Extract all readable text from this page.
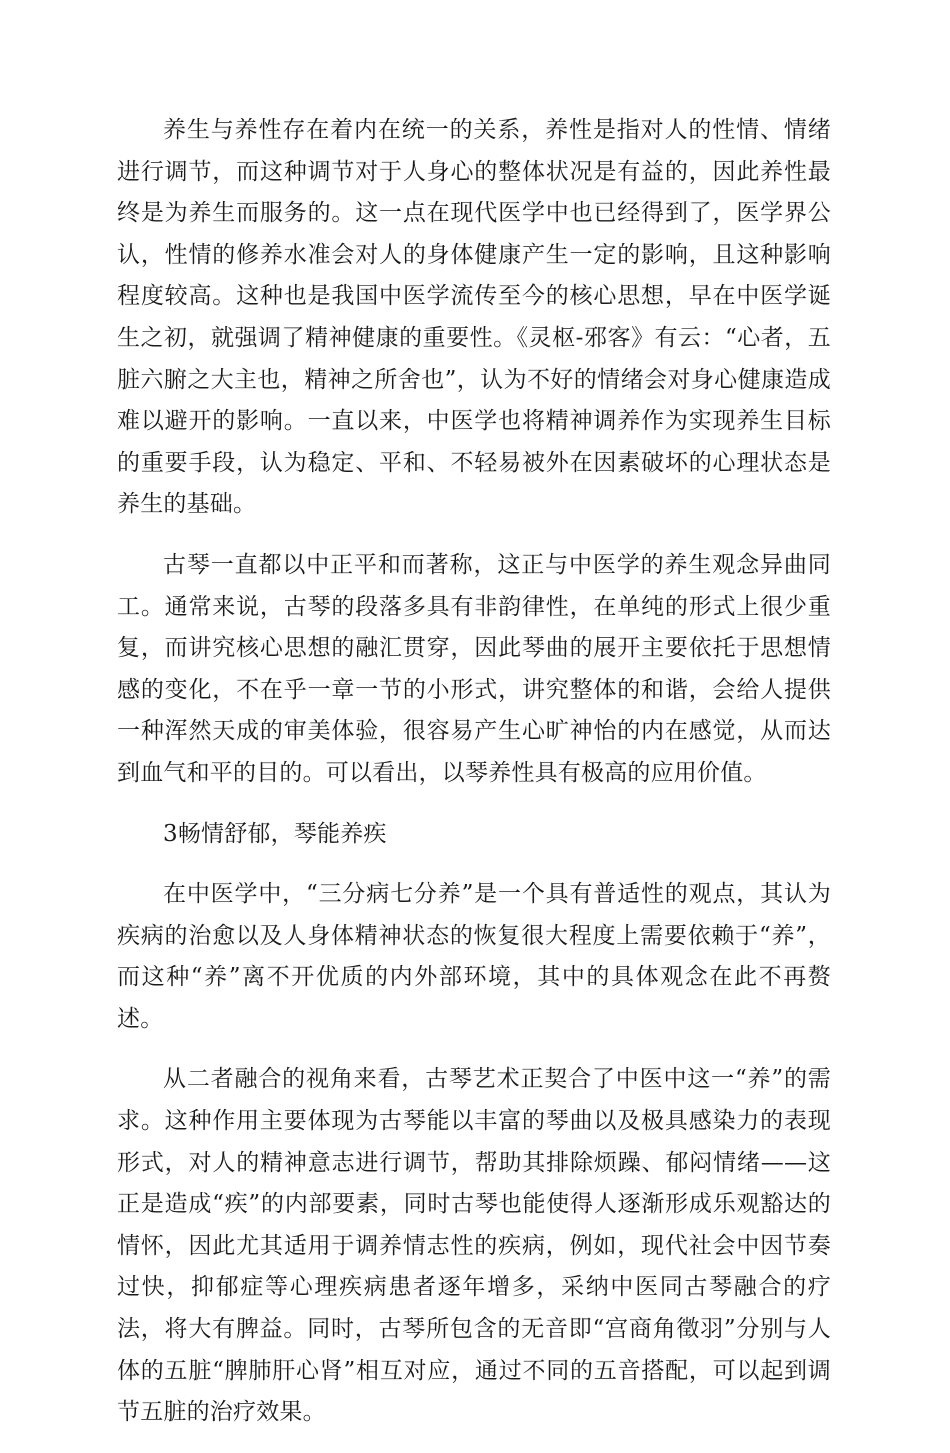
养生与养性存在着内在统一的关系，养性是指对人的性情、情绪进行调节，而这种调节对于人身心的整体状况是有益的，因此养性最终是为养生而服务的。这一点在现代医学中也已经得到了，医学界公认，性情的修养水准会对人的身体健康产生一定的影响，且这种影响程度较高。这种也是我国中医学流传至今的核心思想，早在中医学诞生之初，就强调了精神健康的重要性。《灵枢-邪客》有云：“心者，五脏六腑之大主也，精神之所舍也”，认为不好的情绪会对身心健康造成难以避开的影响。一直以来，中医学也将精神调养作为实现养生目标的重要手段，认为稳定、平和、不轻易被外在因素破坏的心理状态是养生的基础。

古琴一直都以中正平和而著称，这正与中医学的养生观念异曲同工。通常来说，古琴的段落多具有非韵律性，在单纯的形式上很少重复，而讲究核心思想的融汇贯穿，因此琴曲的展开主要依托于思想情感的变化，不在乎一章一节的小形式，讲究整体的和谐，会给人提供一种浑然天成的审美体验，很容易产生心旷神怡的内在感觉，从而达到血气和平的目的。可以看出，以琴养性具有极高的应用价值。

3畅情舒郁，琴能养疾

在中医学中，“三分病七分养”是一个具有普适性的观点，其认为疾病的治愈以及人身体精神状态的恢复很大程度上需要依赖于“养”，而这种“养”离不开优质的内外部环境，其中的具体观念在此不再赘述。

从二者融合的视角来看，古琴艺术正契合了中医中这一“养”的需求。这种作用主要体现为古琴能以丰富的琴曲以及极具感染力的表现形式，对人的精神意志进行调节，帮助其排除烦躁、郁闷情绪——这正是造成“疾”的内部要素，同时古琴也能使得人逐渐形成乐观豁达的情怀，因此尤其适用于调养情志性的疾病，例如，现代社会中因节奏过快，抑郁症等心理疾病患者逐年增多，采纳中医同古琴融合的疗法，将大有脾益。同时，古琴所包含的无音即“宫商角徵羽”分别与人体的五脏“脾肺肝心肾”相互对应，通过不同的五音搭配，可以起到调节五脏的治疗效果。
